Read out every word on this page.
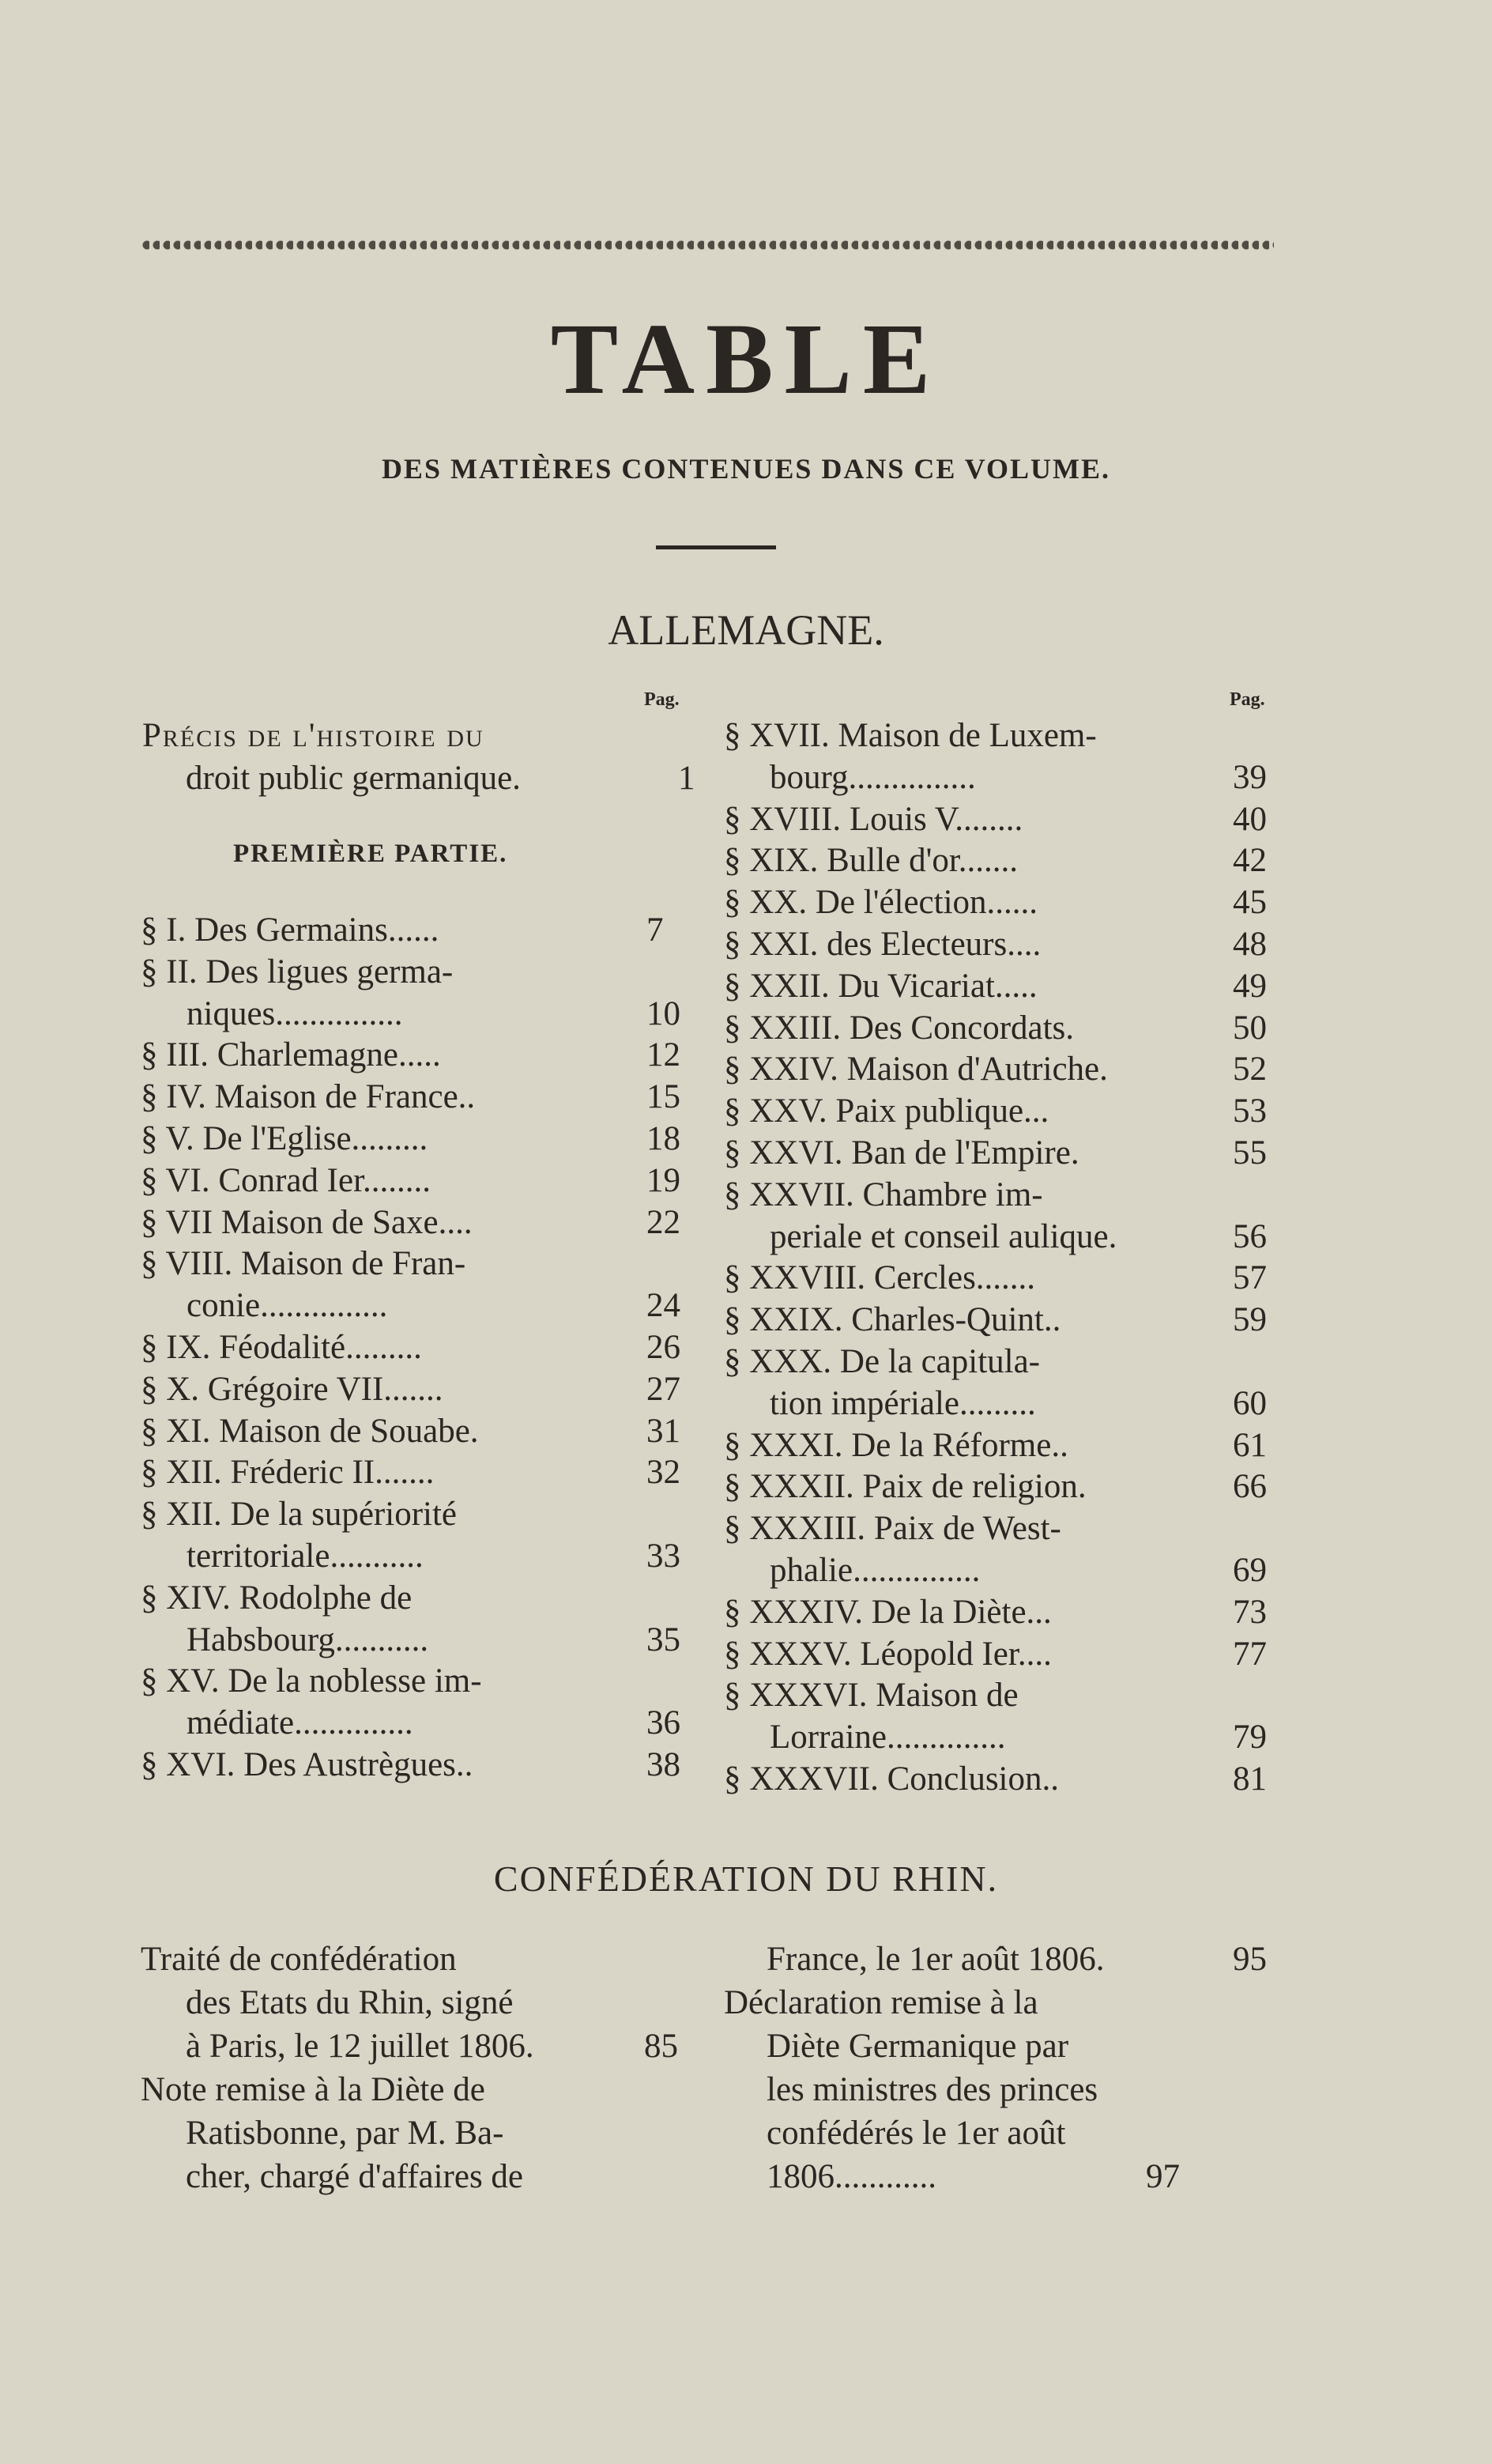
TABLE
DES MATIÈRES CONTENUES DANS CE VOLUME.
ALLEMAGNE.
Pag.	Pag.
Précis de l'histoire du
droit public germanique.	1
PREMIÈRE PARTIE.
§ I. Des Germains......	7
§ II. Des ligues germa-
niques...............	10
§ III. Charlemagne.....	12
§ IV. Maison de France..	15
§ V. De l'Eglise.........	18
§ VI. Conrad Ier........	19
§ VII Maison de Saxe....	22
§ VIII. Maison de Fran-
conie...............	24
§ IX. Féodalité.........	26
§ X. Grégoire VII.......	27
§ XI. Maison de Souabe.	31
§ XII. Fréderic II.......	32
§ XII. De la supériorité
territoriale...........	33
§ XIV. Rodolphe de
Habsbourg...........	35
§ XV. De la noblesse im-
médiate..............	36
§ XVI. Des Austrègues..	38
§ XVII. Maison de Luxem-
bourg...............	39
§ XVIII. Louis V........	40
§ XIX. Bulle d'or.......	42
§ XX. De l'élection......	45
§ XXI. des Electeurs....	48
§ XXII. Du Vicariat.....	49
§ XXIII. Des Concordats.	50
§ XXIV. Maison d'Autriche.	52
§ XXV. Paix publique...	53
§ XXVI. Ban de l'Empire.	55
§ XXVII. Chambre im-
periale et conseil aulique.	56
§ XXVIII. Cercles.......	57
§ XXIX. Charles-Quint..	59
§ XXX. De la capitula-
tion impériale.........	60
§ XXXI. De la Réforme..	61
§ XXXII. Paix de religion.	66
§ XXXIII. Paix de West-
phalie...............	69
§ XXXIV. De la Diète...	73
§ XXXV. Léopold Ier....	77
§ XXXVI. Maison de
Lorraine..............	79
§ XXXVII. Conclusion..	81
CONFÉDÉRATION DU RHIN.
Traité de confédération
des Etats du Rhin, signé
à Paris, le 12 juillet 1806.	85
Note remise à la Diète de
Ratisbonne, par M. Ba-
cher, chargé d'affaires de
France, le 1er août 1806.	95
Déclaration remise à la
Diète Germanique par
les ministres des princes
confédérés le 1er août
1806............	97
